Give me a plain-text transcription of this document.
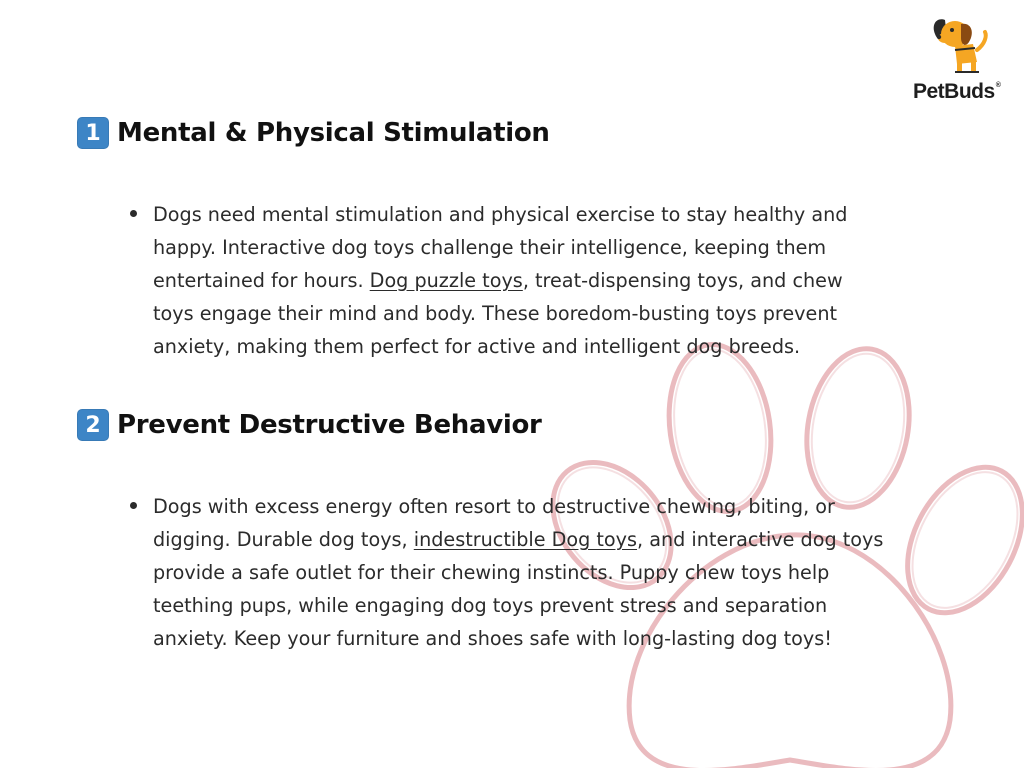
PetBuds®
1 Mental & Physical Stimulation
Dogs need mental stimulation and physical exercise to stay healthy and
happy. Interactive dog toys challenge their intelligence, keeping them
entertained for hours. Dog puzzle toys, treat-dispensing toys, and chew
toys engage their mind and body. These boredom-busting toys prevent
anxiety, making them perfect for active and intelligent dog breeds.
2 Prevent Destructive Behavior
Dogs with excess energy often resort to destructive chewing, biting, or
digging. Durable dog toys, indestructible Dog toys, and interactive dog toys
provide a safe outlet for their chewing instincts. Puppy chew toys help
teething pups, while engaging dog toys prevent stress and separation
anxiety. Keep your furniture and shoes safe with long-lasting dog toys!
